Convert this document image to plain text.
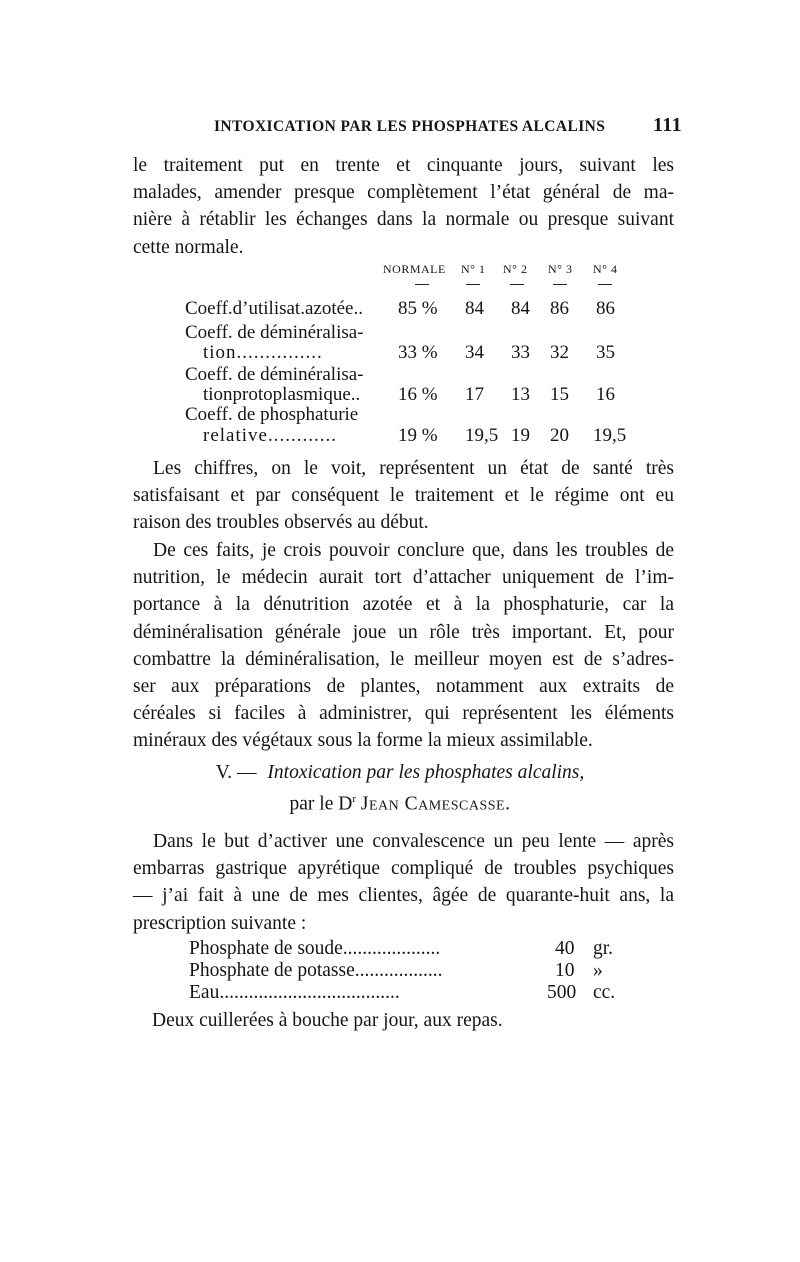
INTOXICATION PAR LES PHOSPHATES ALCALINS 111
le traitement put en trente et cinquante jours, suivant les
malades, amender presque complètement l’état général de ma-
nière à rétablir les échanges dans la normale ou presque suivant
cette normale.
NORMALE N° 1 N° 2 N° 3 N° 4
Coeff.d’utilisat.azotée.. 85 % 84 84 86 86
Coeff. de déminéralisa-
tion...............	33 % 34 33 32 35
Coeff. de déminéralisa-
tionprotoplasmique.. 16 % 17 13 15 16
Coeff. de phosphaturie
relative............	19 % 19,5 19 20 19,5
Les chiffres, on le voit, représentent un état de santé très
satisfaisant et par conséquent le traitement et le régime ont eu
raison des troubles observés au début.
De ces faits, je crois pouvoir conclure que, dans les troubles de
nutrition, le médecin aurait tort d’attacher uniquement de l’im-
portance à la dénutrition azotée et à la phosphaturie, car la
déminéralisation générale joue un rôle très important. Et, pour
combattre la déminéralisation, le meilleur moyen est de s’adres-
ser aux préparations de plantes, notamment aux extraits de
céréales si faciles à administrer, qui représentent les éléments
minéraux des végétaux sous la forme la mieux assimilable.
V. — Intoxication par les phosphates alcalins,
par le $D^r$ Jean Camescasse.
Dans le but d’activer une convalescence un peu lente — après
embarras gastrique apyrétique compliqué de troubles psychiques
— j’ai fait à une de mes clientes, âgée de quarante-huit ans, la
prescription suivante :
Phosphate de soude....................	40 gr.
Phosphate de potasse..................	10 »
Eau.....................................	500 cc.
Deux cuillerées à bouche par jour, aux repas.
